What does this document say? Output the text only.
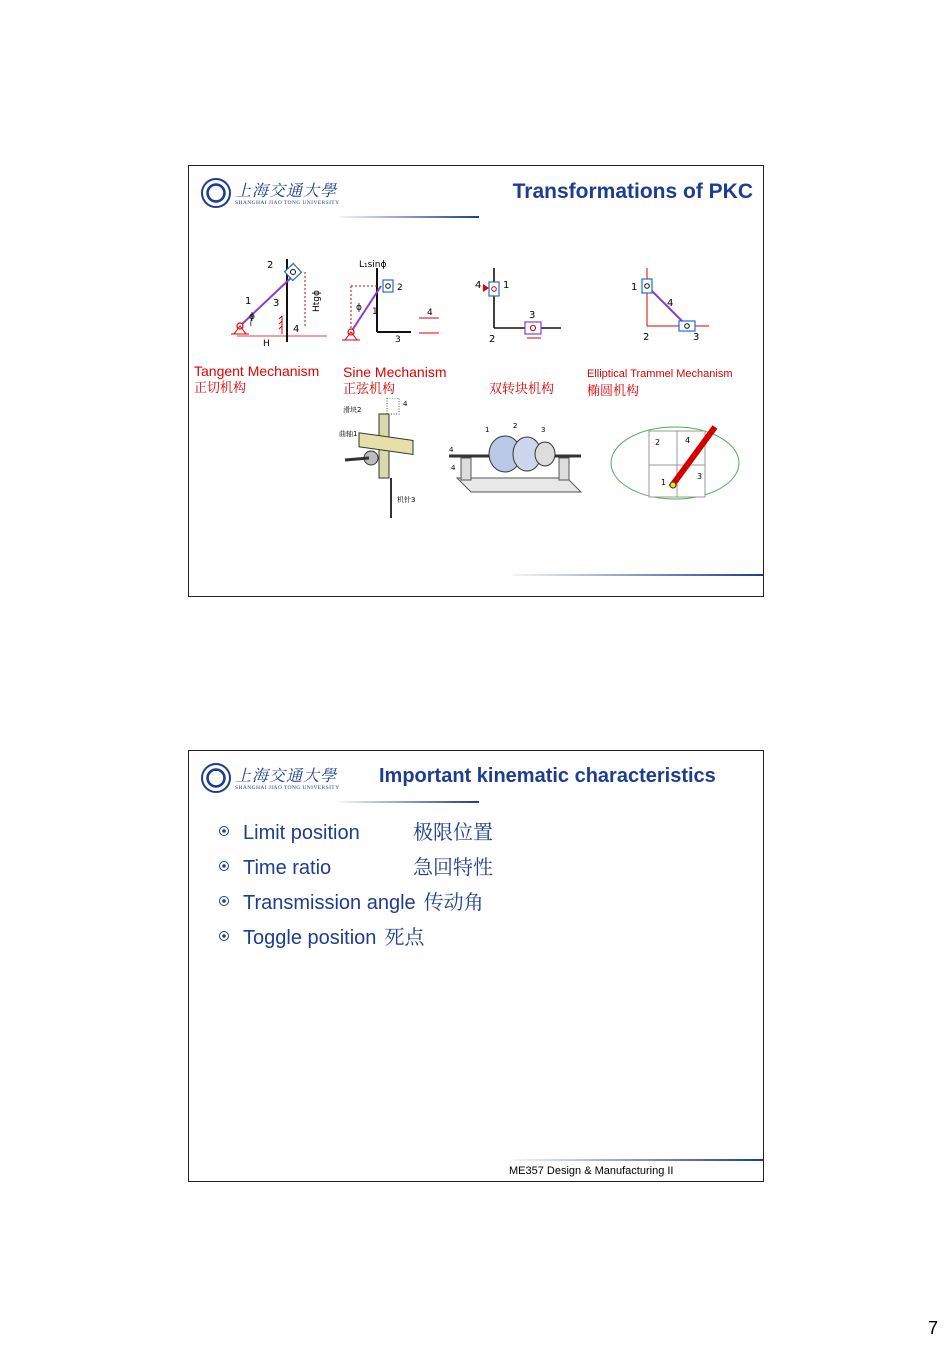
上海交通大學
SHANGHAI JIAO TONG UNIVERSITY	Transformations of PKC
2
1 3
4
ϕ
H
Htgϕ
L₁sinϕ
2
1
ϕ
3
4
4 1
2
3
1
4
2	3
Tangent Mechanism
正切机构
Sine Mechanism
正弦机构	双转块机构
Elliptical Trammel Mechanism
椭圆机构
滑块2
曲轴1
机针3
4
1	2	3
4
4
2	4
1
3
上海交通大學
SHANGHAI JIAO TONG UNIVERSITY
Important kinematic characteristics
Limit position	极限位置
Time ratio	急回特性
Transmission angle 传动角
Toggle position 死点
ME357 Design & Manufacturing II
7
